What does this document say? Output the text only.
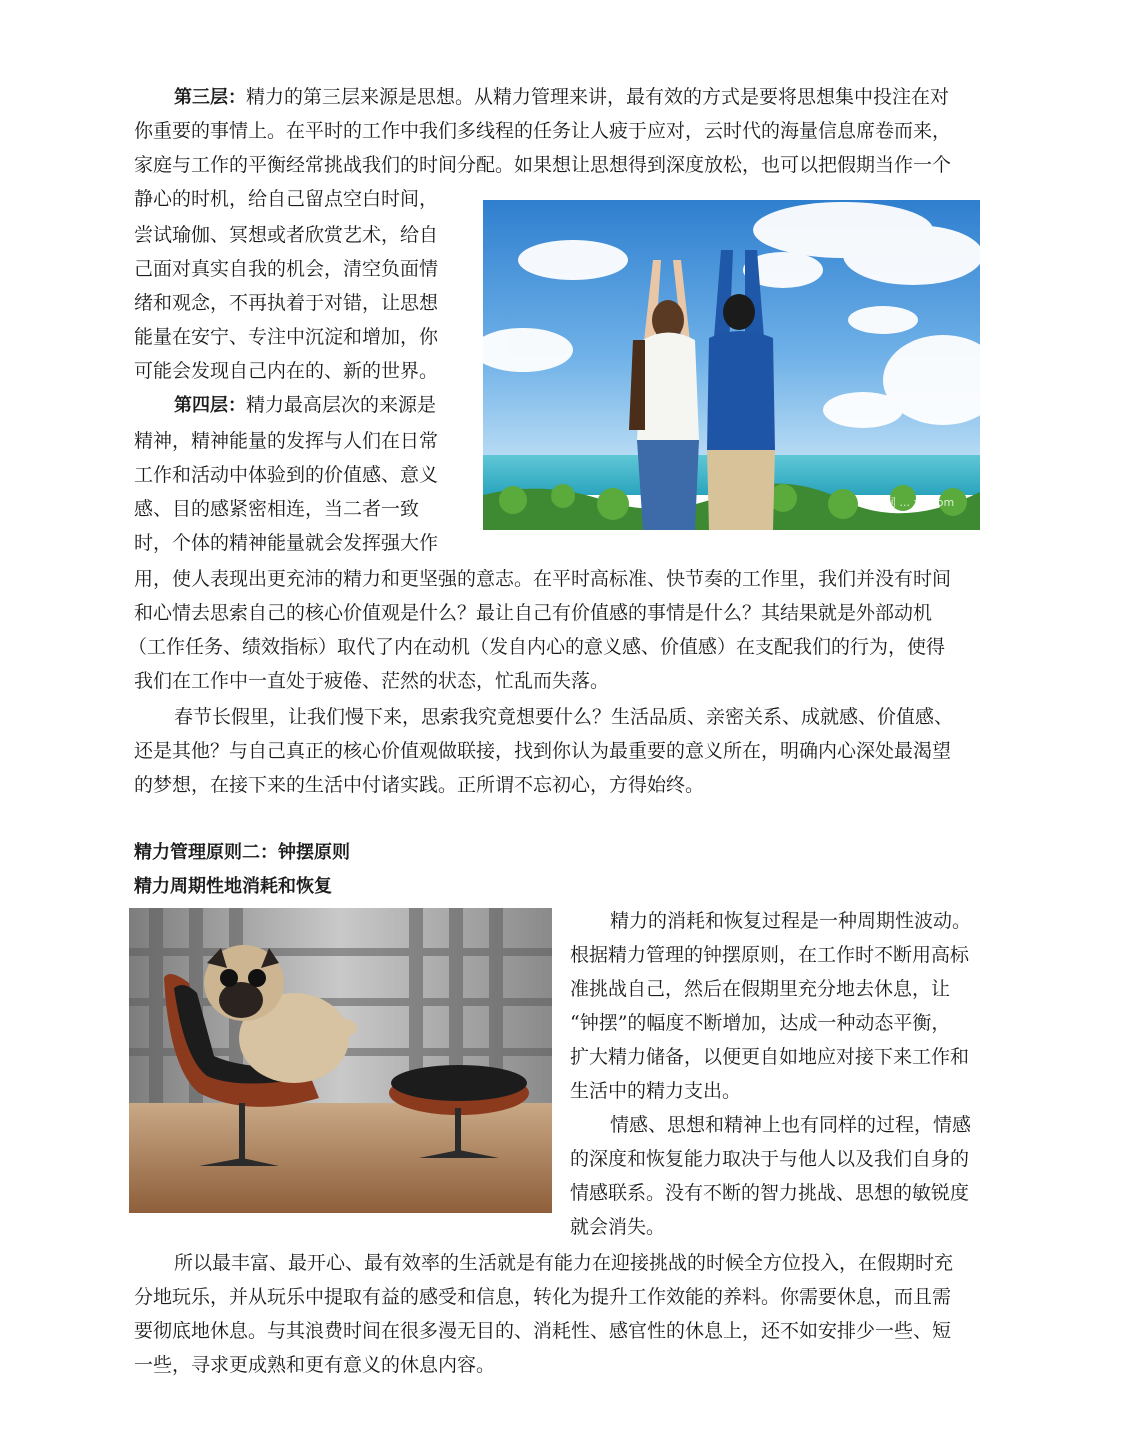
第三层：精力的第三层来源是思想。从精力管理来讲，最有效的方式是要将思想集中投注在对
你重要的事情上。在平时的工作中我们多线程的任务让人疲于应对，云时代的海量信息席卷而来，
家庭与工作的平衡经常挑战我们的时间分配。如果想让思想得到深度放松，也可以把假期当作一个
静心的时机，给自己留点空白时间，
尝试瑜伽、冥想或者欣赏艺术，给自
己面对真实自我的机会，清空负面情
绪和观念，不再执着于对错，让思想
能量在安宁、专注中沉淀和增加，你
可能会发现自己内在的、新的世界。
第四层：精力最高层次的来源是
精神，精神能量的发挥与人们在日常
工作和活动中体验到的价值感、意义
感、目的感紧密相连，当二者一致
时，个体的精神能量就会发挥强大作
用，使人表现出更充沛的精力和更坚强的意志。在平时高标准、快节奏的工作里，我们并没有时间
和心情去思索自己的核心价值观是什么？最让自己有价值感的事情是什么？其结果就是外部动机
（工作任务、绩效指标）取代了内在动机（发自内心的意义感、价值感）在支配我们的行为，使得
我们在工作中一直处于疲倦、茫然的状态，忙乱而失落。
春节长假里，让我们慢下来，思索我究竟想要什么？生活品质、亲密关系、成就感、价值感、
还是其他？与自己真正的核心价值观做联接，找到你认为最重要的意义所在，明确内心深处最渴望
的梦想，在接下来的生活中付诸实践。正所谓不忘初心，方得始终。
精力管理原则二：钟摆原则
精力周期性地消耗和恢复
精力的消耗和恢复过程是一种周期性波动。
根据精力管理的钟摆原则，在工作时不断用高标
准挑战自己，然后在假期里充分地去休息，让
“钟摆”的幅度不断增加，达成一种动态平衡，
扩大精力储备，以便更自如地应对接下来工作和
生活中的精力支出。
情感、思想和精神上也有同样的过程，情感
的深度和恢复能力取决于与他人以及我们自身的
情感联系。没有不断的智力挑战、思想的敏锐度
就会消失。
所以最丰富、最开心、最有效率的生活就是有能力在迎接挑战的时候全方位投入，在假期时充
分地玩乐，并从玩乐中提取有益的感受和信息，转化为提升工作效能的养料。你需要休息，而且需
要彻底地休息。与其浪费时间在很多漫无目的、消耗性、感官性的休息上，还不如安排少一些、短
一些，寻求更成熟和更有意义的休息内容。
中国网 ... zw.com
